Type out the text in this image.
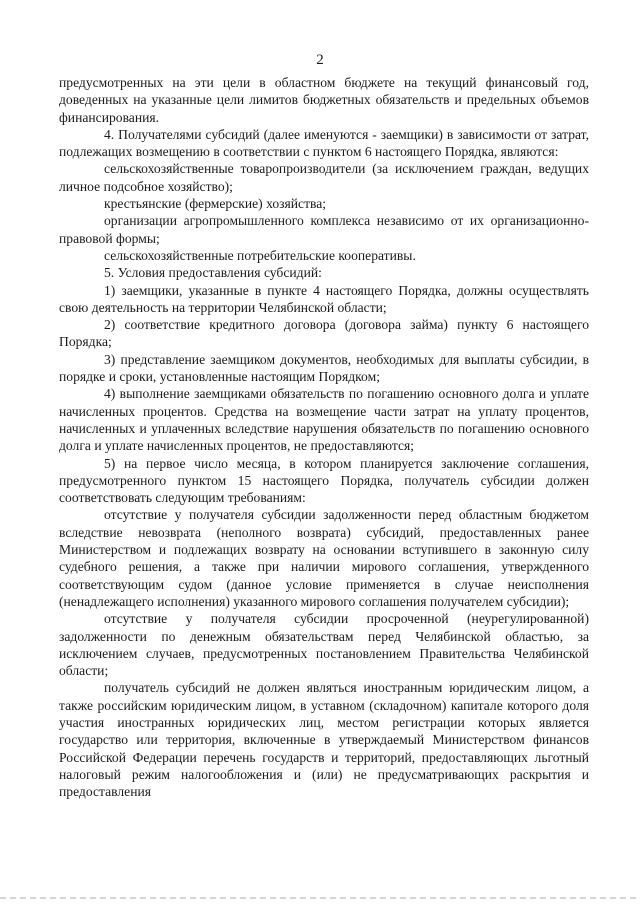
2

предусмотренных на эти цели в областном бюджете на текущий финансовый год, доведенных на указанные цели лимитов бюджетных обязательств и предельных объемов финансирования.

4. Получателями субсидий (далее именуются - заемщики) в зависимости от затрат, подлежащих возмещению в соответствии с пунктом 6 настоящего Порядка, являются:

сельскохозяйственные товаропроизводители (за исключением граждан, ведущих личное подсобное хозяйство);

крестьянские (фермерские) хозяйства;

организации агропромышленного комплекса независимо от их организационно-правовой формы;

сельскохозяйственные потребительские кооперативы.

5. Условия предоставления субсидий:

1) заемщики, указанные в пункте 4 настоящего Порядка, должны осуществлять свою деятельность на территории Челябинской области;

2) соответствие кредитного договора (договора займа) пункту 6 настоящего Порядка;

3) представление заемщиком документов, необходимых для выплаты субсидии, в порядке и сроки, установленные настоящим Порядком;

4) выполнение заемщиками обязательств по погашению основного долга и уплате начисленных процентов. Средства на возмещение части затрат на уплату процентов, начисленных и уплаченных вследствие нарушения обязательств по погашению основного долга и уплате начисленных процентов, не предоставляются;

5) на первое число месяца, в котором планируется заключение соглашения, предусмотренного пунктом 15 настоящего Порядка, получатель субсидии должен соответствовать следующим требованиям:

отсутствие у получателя субсидии задолженности перед областным бюджетом вследствие невозврата (неполного возврата) субсидий, предоставленных ранее Министерством и подлежащих возврату на основании вступившего в законную силу судебного решения, а также при наличии мирового соглашения, утвержденного соответствующим судом (данное условие применяется в случае неисполнения (ненадлежащего исполнения) указанного мирового соглашения получателем субсидии);

отсутствие у получателя субсидии просроченной (неурегулированной) задолженности по денежным обязательствам перед Челябинской областью, за исключением случаев, предусмотренных постановлением Правительства Челябинской области;

получатель субсидий не должен являться иностранным юридическим лицом, а также российским юридическим лицом, в уставном (складочном) капитале которого доля участия иностранных юридических лиц, местом регистрации которых является государство или территория, включенные в утверждаемый Министерством финансов Российской Федерации перечень государств и территорий, предоставляющих льготный налоговый режим налогообложения и (или) не предусматривающих раскрытия и предоставления
